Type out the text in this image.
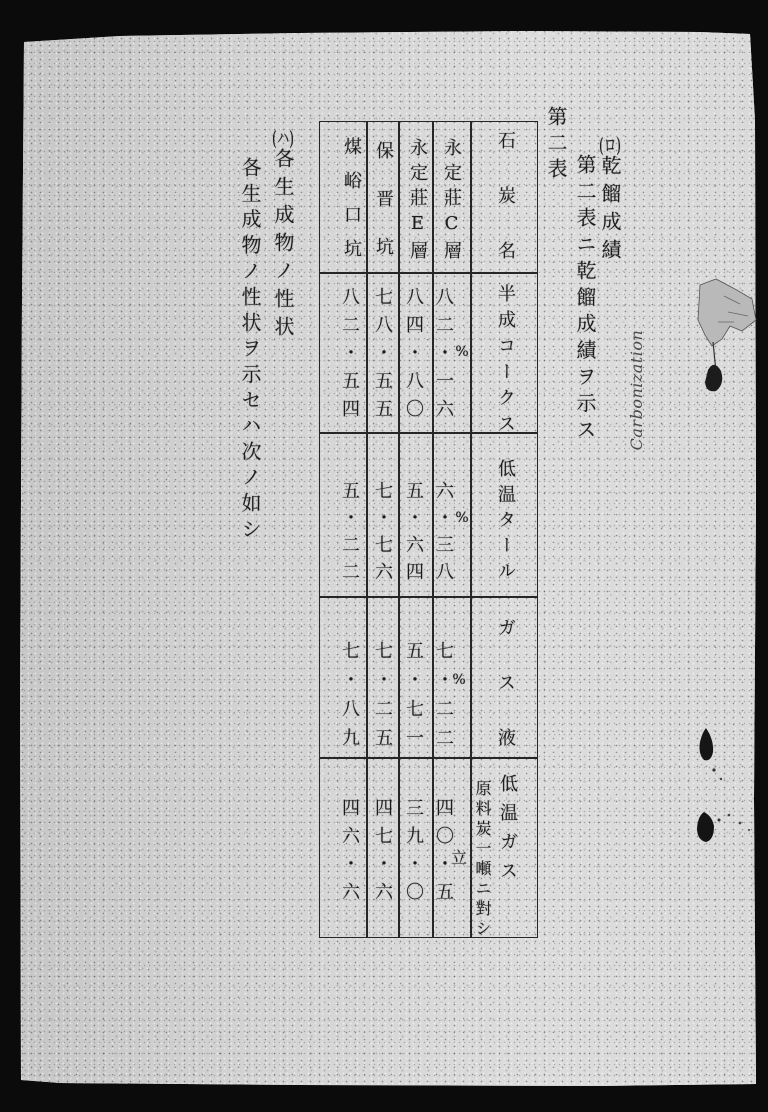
(ロ)乾餾成績
第二表ニ乾餾成績ヲ示ス
第二表
石炭名
半成コークス
低温タール
ガス液
低温ガス
原料炭一噸ニ對シ
永定莊C層
八二・一六
六・三八
七・二二
四〇・五
%
%
%
立
永定莊E層
八四・八〇
五・六四
五・七一
三九・〇
保晋坑
七八・五五
七・七六
七・二五
四七・六
煤峪口坑
八二・五四
五・二二
七・八九
四六・六
(ハ)各生成物ノ性状
各生成物ノ性状ヲ示セハ次ノ如シ	Carbonization
